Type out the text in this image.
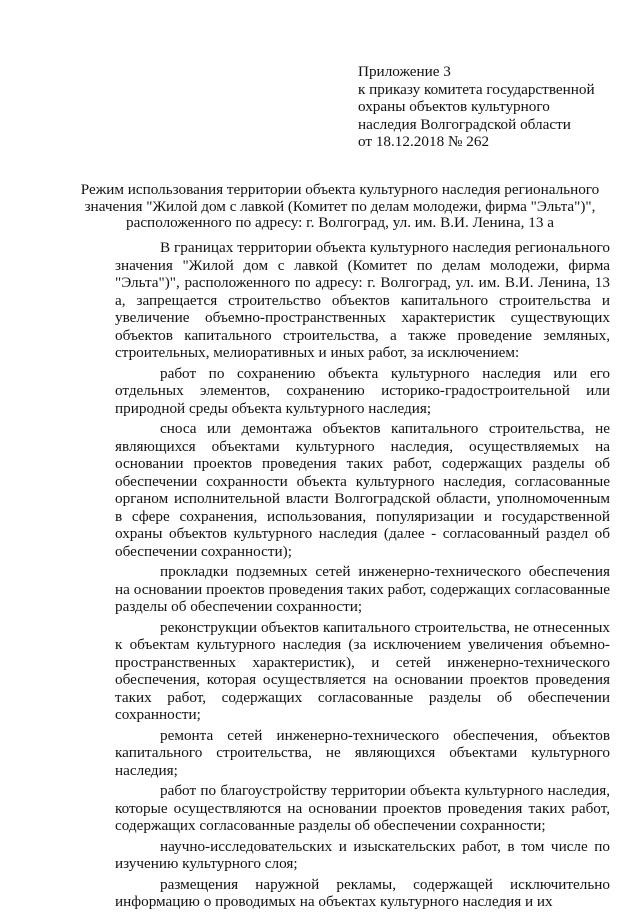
Приложение 3
к приказу комитета государственной
охраны объектов культурного
наследия Волгоградской области
от 18.12.2018 № 262
Режим использования территории объекта культурного наследия регионального
значения "Жилой дом с лавкой (Комитет по делам молодежи, фирма "Эльта")",
расположенного по адресу: г. Волгоград, ул. им. В.И. Ленина, 13 а

В границах территории объекта культурного наследия регионального значения "Жилой дом с лавкой (Комитет по делам молодежи, фирма "Эльта")", расположенного по адресу: г. Волгоград, ул. им. В.И. Ленина, 13 а, запрещается строительство объектов капитального строительства и увеличение объемно-пространственных характеристик существующих объектов капитального строительства, а также проведение земляных, строительных, мелиоративных и иных работ, за исключением:

работ по сохранению объекта культурного наследия или его отдельных элементов, сохранению историко-градостроительной или природной среды объекта культурного наследия;

сноса или демонтажа объектов капитального строительства, не являющихся объектами культурного наследия, осуществляемых на основании проектов проведения таких работ, содержащих разделы об обеспечении сохранности объекта культурного наследия, согласованные органом исполнительной власти Волгоградской области, уполномоченным в сфере сохранения, использования, популяризации и государственной охраны объектов культурного наследия (далее - согласованный раздел об обеспечении сохранности);

прокладки подземных сетей инженерно-технического обеспечения на основании проектов проведения таких работ, содержащих согласованные разделы об обеспечении сохранности;

реконструкции объектов капитального строительства, не отнесенных к объектам культурного наследия (за исключением увеличения объемно-пространственных характеристик), и сетей инженерно-технического обеспечения, которая осуществляется на основании проектов проведения таких работ, содержащих согласованные разделы об обеспечении сохранности;

ремонта сетей инженерно-технического обеспечения, объектов капитального строительства, не являющихся объектами культурного наследия;

работ по благоустройству территории объекта культурного наследия, которые осуществляются на основании проектов проведения таких работ, содержащих согласованные разделы об обеспечении сохранности;

научно-исследовательских и изыскательских работ, в том числе по изучению культурного слоя;

размещения наружной рекламы, содержащей исключительно информацию о проводимых на объектах культурного наследия и их
